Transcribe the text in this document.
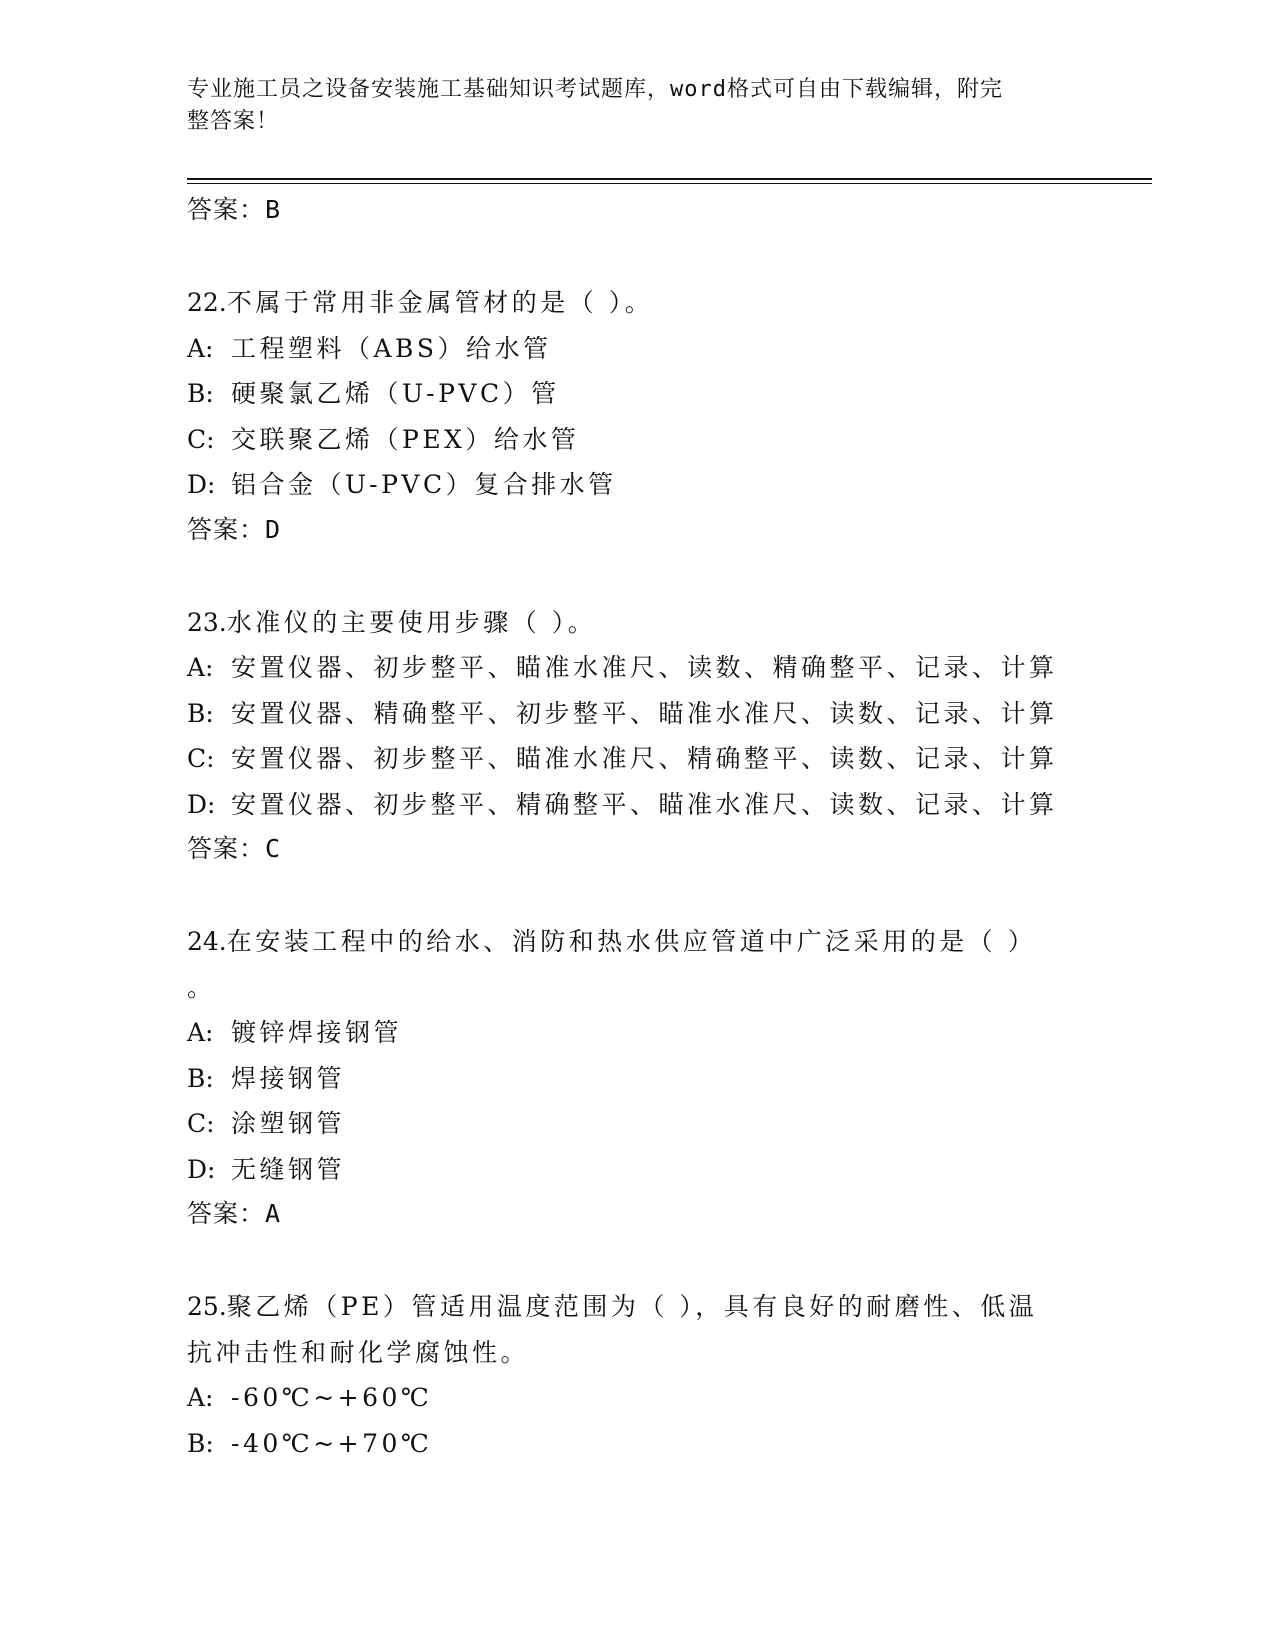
专业施工员之设备安装施工基础知识考试题库，word格式可自由下载编辑，附完
整答案！
答案：B
22.不属于常用非金属管材的是（ ）。
A: 工程塑料（ABS）给水管
B: 硬聚氯乙烯（U-PVC）管
C: 交联聚乙烯（PEX）给水管
D: 铝合金（U-PVC）复合排水管
答案：D
23.水准仪的主要使用步骤（ ）。
A: 安置仪器、初步整平、瞄准水准尺、读数、精确整平、记录、计算
B: 安置仪器、精确整平、初步整平、瞄准水准尺、读数、记录、计算
C: 安置仪器、初步整平、瞄准水准尺、精确整平、读数、记录、计算
D: 安置仪器、初步整平、精确整平、瞄准水准尺、读数、记录、计算
答案：C
24.在安装工程中的给水、消防和热水供应管道中广泛采用的是（ ）
。
A: 镀锌焊接钢管
B: 焊接钢管
C: 涂塑钢管
D: 无缝钢管
答案：A
25.聚乙烯（PE）管适用温度范围为（ ），具有良好的耐磨性、低温
抗冲击性和耐化学腐蚀性。
A: -60℃~+60℃
B: -40℃~+70℃
